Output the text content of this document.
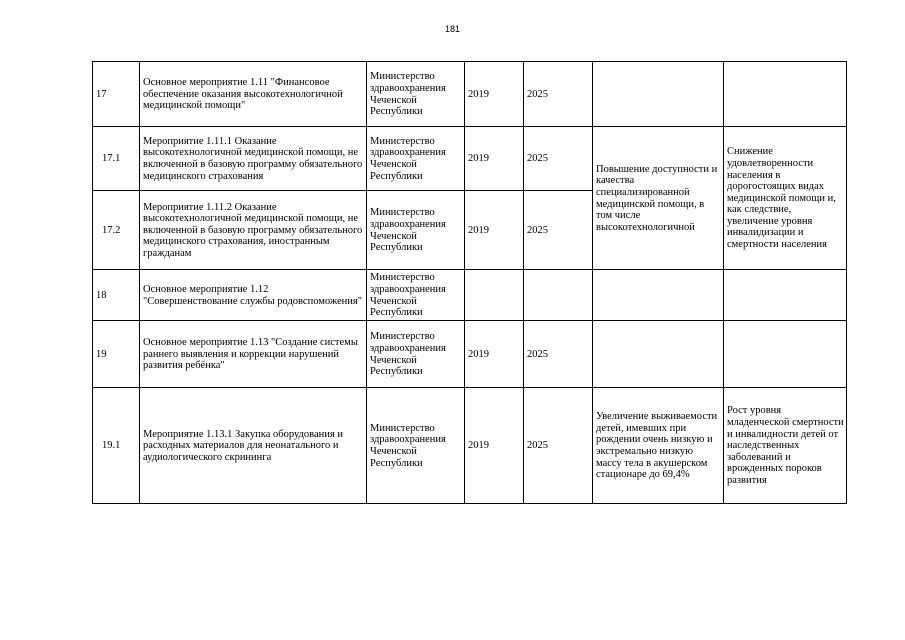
181
17	Основное мероприятие 1.11 "Финансовое обеспечение оказания высокотехнологичной медицинской помощи"	Министерство здравоохранения Чеченской Республики	2019	2025		
17.1	Мероприятие 1.11.1 Оказание высокотехнологичной медицинской помощи, не включенной в базовую программу обязательного медицинского страхования	Министерство здравоохранения Чеченской Республики	2019	2025	Повышение доступности и качества специализированной медицинской помощи, в том числе высокотехнологичной	Снижение удовлетворенности населения в дорогостоящих видах медицинской помощи и, как следствие, увеличение уровня инвалидизации и смертности населения
17.2	Мероприятие 1.11.2 Оказание высокотехнологичной медицинской помощи, не включенной в базовую программу обязательного медицинского страхования, иностранным гражданам	Министерство здравоохранения Чеченской Республики	2019	2025		
18	Основное мероприятие 1.12 "Совершенствование службы родовспоможения"	Министерство здравоохранения Чеченской Республики				
19	Основное мероприятие 1.13 "Создание системы раннего выявления и коррекции нарушений развития ребёнка"	Министерство здравоохранения Чеченской Республики	2019	2025		
19.1	Мероприятие 1.13.1 Закупка оборудования и расходных материалов для неонатального и аудиологического скрининга	Министерство здравоохранения Чеченской Республики	2019	2025	Увеличение выживаемости детей, имевших при рождении очень низкую и экстремально низкую массу тела в акушерском стационаре до 69,4%	Рост уровня младенческой смертности и инвалидности детей от наследственных заболеваний и врожденных пороков развития
